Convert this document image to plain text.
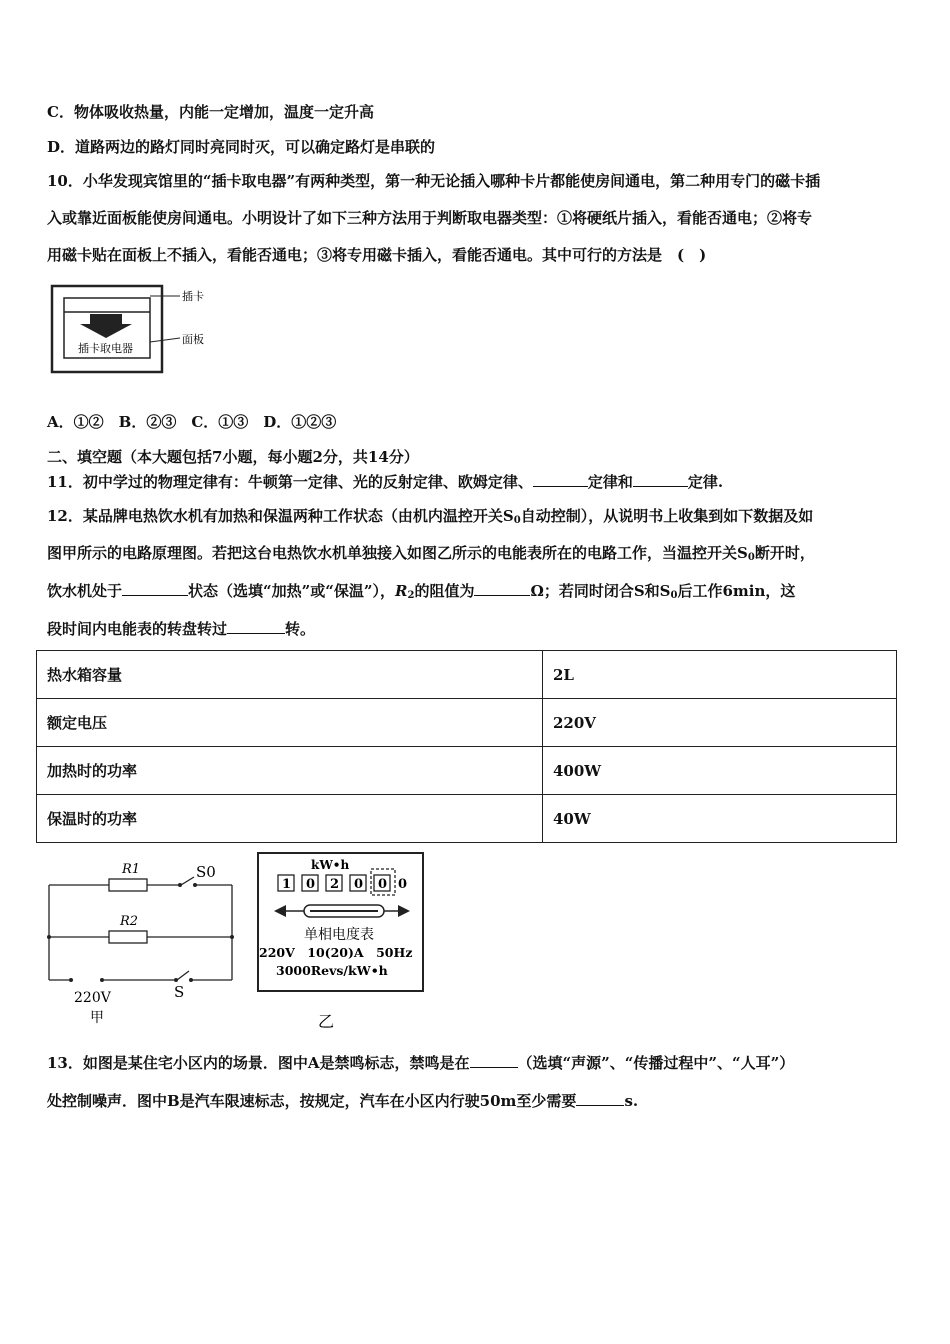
C．物体吸收热量，内能一定增加，温度一定升高
D．道路两边的路灯同时亮同时灭，可以确定路灯是串联的
10．小华发现宾馆里的“插卡取电器”有两种类型，第一种无论插入哪种卡片都能使房间通电，第二种用专门的磁卡插
入或靠近面板能使房间通电。小明设计了如下三种方法用于判断取电器类型：①将硬纸片插入，看能否通电；②将专
用磁卡贴在面板上不插入，看能否通电；③将专用磁卡插入，看能否通电。其中可行的方法是　(　)
插卡
面板
插卡取电器
A．①②　B．②③　C．①③　D．①②③
二、填空题（本大题包括7小题，每小题2分，共14分）
11．初中学过的物理定律有：牛顿第一定律、光的反射定律、欧姆定律、	定律和	定律.
12．某品牌电热饮水机有加热和保温两种工作状态（由机内温控开关$S_0$自动控制），从说明书上收集到如下数据及如
图甲所示的电路原理图。若把这台电热饮水机单独接入如图乙所示的电能表所在的电路工作，当温控开关$S_0$断开时，
饮水机处于	状态（选填“加热”或“保温”），$R_2$的阻值为	Ω；若同时闭合S和$S_0$后工作6min，这
段时间内电能表的转盘转过	转。
热水箱容量	2L
额定电压	220V
加热时的功率	400W
保温时的功率	40W
R1
R2
S0
S
220V
甲
kW•h
1 0 2 0 0 0
单相电度表
220V　10(20)A　50Hz
3000Revs/kW•h
乙
13．如图是某住宅小区内的场景．图中A是禁鸣标志，禁鸣是在	（选填“声源”、“传播过程中”、“人耳”）
处控制噪声．图中B是汽车限速标志，按规定，汽车在小区内行驶50m至少需要	s.
